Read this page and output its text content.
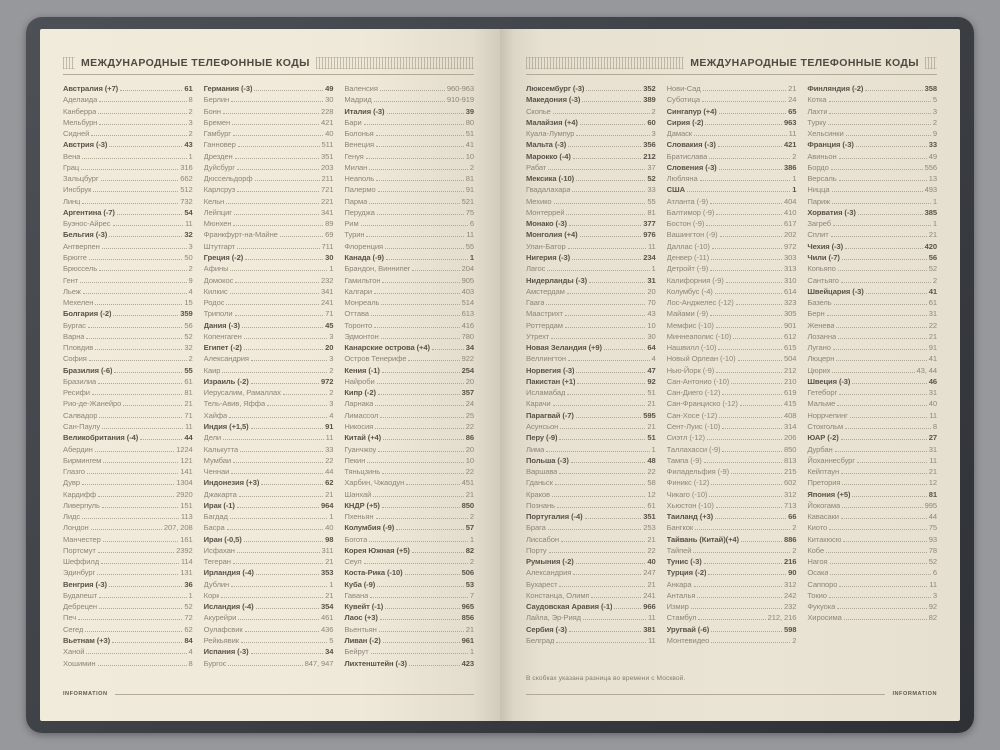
МЕЖДУНАРОДНЫЕ ТЕЛЕФОННЫЕ КОДЫ
Австралия (+7)	61
Аделаида	8
Канберра	2
Мельбурн	3
Сидней	2
Австрия (-3)	43
Вена	1
Грац	316
Зальцбург	662
Инсбрук	512
Линц	732
Аргентина (-7)	54
Буэнос-Айрес	11
Бельгия (-3)	32
Антверпен	3
Брюгге	50
Брюссель	2
Гент	9
Льеж	4
Мехелен	15
Болгария (-2)	359
Бургас	56
Варна	52
Пловдив	32
София	2
Бразилия (-6)	55
Бразилиа	61
Ресифи	81
Рио-де-Жанейро	21
Салвадор	71
Сан-Паулу	11
Великобритания (-4)	44
Абердин	1224
Бирмингем	121
Глазго	141
Дувр	1304
Кардифф	2920
Ливерпуль	151
Лидс	113
Лондон	207, 208
Манчестер	161
Портсмут	2392
Шеффилд	114
Эдинбург	131
Венгрия (-3)	36
Будапешт	1
Дебрецен	52
Печ	72
Сегед	62
Вьетнам (+3)	84
Ханой	4
Хошимин	8
Германия (-3)	49
Берлин	30
Бонн	228
Бремен	421
Гамбург	40
Ганновер	511
Дрезден	351
Дуйсбург	203
Дюссельдорф	211
Карлсруэ	721
Кельн	221
Лейпциг	341
Мюнхен	89
Франкфурт-на-Майне	69
Штутгарт	711
Греция (-2)	30
Афины	1
Домокос	232
Килкис	341
Родос	241
Триполи	71
Дания (-3)	45
Копенгаген	3
Египет (-2)	20
Александрия	3
Каир	2
Израиль (-2)	972
Иерусалим, Рамаллах	2
Тель-Авив, Яффа	3
Хайфа	4
Индия (+1,5)	91
Дели	11
Калькутта	33
Мумбаи	22
Ченнаи	44
Индонезия (+3)	62
Джакарта	21
Ирак (-1)	964
Багдад	1
Басра	40
Иран (-0,5)	98
Исфахан	311
Тегеран	21
Ирландия (-4)	353
Дублин	1
Корк	21
Исландия (-4)	354
Акурейри	461
Оулафсвик	436
Рейкьявик	5
Испания (-3)	34
Бургос	847, 947
Валенсия	960-963
Мадрид	910-919
Италия (-3)	39
Бари	80
Болонья	51
Венеция	41
Генуя	10
Милан	2
Неаполь	81
Палермо	91
Парма	521
Перуджа	75
Рим	6
Турин	11
Флоренция	55
Канада (-9)	1
Брандон, Виннипег	204
Гамильтон	905
Калгари	403
Монреаль	514
Оттава	613
Торонто	416
Эдмонтон	780
Канарские острова (+4)	34
Остров Тенерифе	922
Кения (-1)	254
Найроби	20
Кипр (-2)	357
Ларнака	24
Лимассол	25
Никосия	22
Китай (+4)	86
Гуанчжоу	20
Пекин	10
Тяньцзинь	22
Харбин, Чжаодун	451
Шанхай	21
КНДР (+5)	850
Пхеньян	2
Колумбия (-9)	57
Богота	1
Корея Южная (+5)	82
Сеул	2
Коста-Рика (-10)	506
Куба (-9)	53
Гавана	7
Кувейт (-1)	965
Лаос (+3)	856
Вьентьян	21
Ливан (-2)	961
Бейрут	1
Лихтенштейн (-3)	423
INFORMATION
МЕЖДУНАРОДНЫЕ ТЕЛЕФОННЫЕ КОДЫ
Люксембург (-3)	352
Македония (-3)	389
Скопье	2
Малайзия (+4)	60
Куала-Лумпур	3
Мальта (-3)	356
Марокко (-4)	212
Рабат	37
Мексика (-10)	52
Гвадалахара	33
Мехико	55
Монтеррей	81
Монако (-3)	377
Монголия (+4)	976
Улан-Батор	11
Нигерия (-3)	234
Лагос	1
Нидерланды (-3)	31
Амстердам	20
Гаага	70
Маастрихт	43
Роттердам	10
Утрехт	30
Новая Зеландия (+9)	64
Веллингтон	4
Норвегия (-3)	47
Пакистан (+1)	92
Исламабад	51
Карачи	21
Парагвай (-7)	595
Асунсьон	21
Перу (-9)	51
Лима	1
Польша (-3)	48
Варшава	22
Гданьск	58
Краков	12
Познань	61
Португалия (-4)	351
Брага	253
Лиссабон	21
Порту	22
Румыния (-2)	40
Александрия	247
Бухарест	21
Констанца, Олимп	241
Саудовская Аравия (-1)	966
Лайла, Эр-Рияд	11
Сербия (-3)	381
Белград	11
Нови-Сад	21
Суботица	24
Сингапур (+4)	65
Сирия (-2)	963
Дамаск	11
Словакия (-3)	421
Братислава	2
Словения (-3)	386
Любляна	1
США	1
Атланта (-9)	404
Балтимор (-9)	410
Бостон (-9)	617
Вашингтон (-9)	202
Даллас (-10)	972
Денвер (-11)	303
Детройт (-9)	313
Калифорния (-9)	310
Колумбус (-4)	614
Лос-Анджелес (-12)	323
Майами (-9)	305
Мемфис (-10)	901
Миннеаполис (-10)	612
Нашвилл (-10)	615
Новый Орлеан (-10)	504
Нью-Йорк (-9)	212
Сан-Антонио (-10)	210
Сан-Диего (-12)	619
Сан-Франциско (-12)	415
Сан-Хосе (-12)	408
Сент-Луис (-10)	314
Сиэтл (-12)	206
Таллахасси (-9)	850
Тампа (-9)	813
Филадельфия (-9)	215
Финикс (-12)	602
Чикаго (-10)	312
Хьюстон (-10)	713
Таиланд (+3)	66
Бангкок	2
Тайвань (Китай)(+4)	886
Тайпей	2
Тунис (-3)	216
Турция (-2)	90
Анкара	312
Анталья	242
Измир	232
Стамбул	212, 216
Уругвай (-6)	598
Монтевидео	2
Финляндия (-2)	358
Котка	5
Лахти	3
Турку	2
Хельсинки	9
Франция (-3)	33
Авиньон	49
Бордо	556
Версаль	13
Ницца	493
Париж	1
Хорватия (-3)	385
Загреб	1
Сплит	21
Чехия (-3)	420
Чили (-7)	56
Копьяпо	52
Сантьяго	2
Швейцария (-3)	41
Базель	61
Берн	31
Женева	22
Лозанна	21
Лугано	91
Люцерн	41
Цюрих	43, 44
Швеция (-3)	46
Гетеборг	31
Мальме	40
Норрчепинг	11
Стокгольм	8
ЮАР (-2)	27
Дурбан	31
Йоханнесбург	11
Кейптаун	21
Претория	12
Япония (+5)	81
Йокогама	995
Кавасаки	44
Киото	75
Китакюсю	93
Кобе	78
Нагоя	52
Осака	6
Саппоро	11
Токио	3
Фукуока	92
Хиросима	82
В скобках указана разница во времени с Москвой.
INFORMATION
